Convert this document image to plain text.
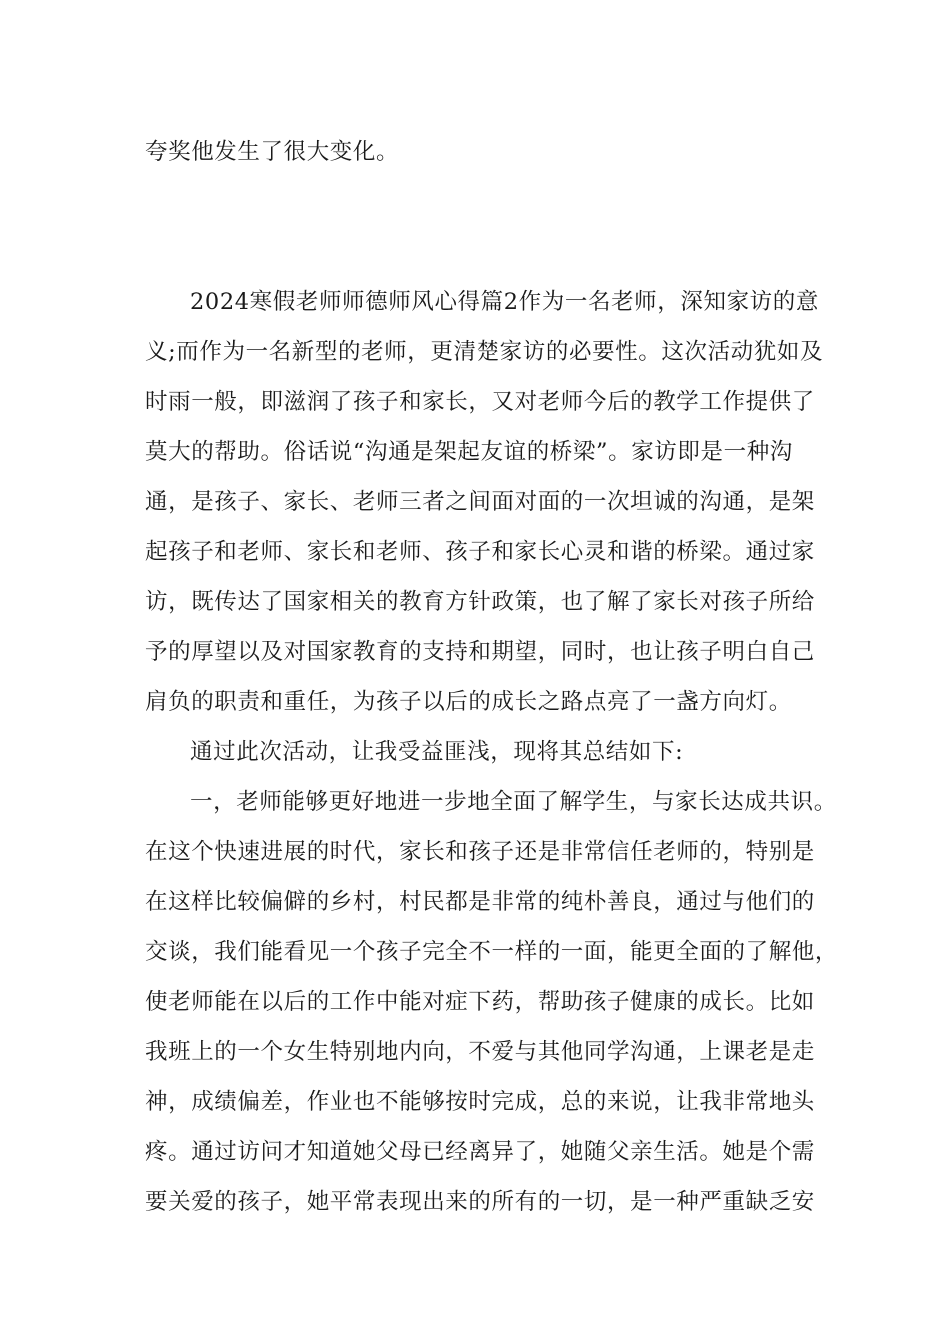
夸奖他发生了很大变化。
2024寒假老师师德师风心得篇2作为一名老师，深知家访的意
义;而作为一名新型的老师，更清楚家访的必要性。这次活动犹如及
时雨一般，即滋润了孩子和家长，又对老师今后的教学工作提供了
莫大的帮助。俗话说“沟通是架起友谊的桥梁”。家访即是一种沟
通，是孩子、家长、老师三者之间面对面的一次坦诚的沟通，是架
起孩子和老师、家长和老师、孩子和家长心灵和谐的桥梁。通过家
访，既传达了国家相关的教育方针政策，也了解了家长对孩子所给
予的厚望以及对国家教育的支持和期望，同时，也让孩子明白自己
肩负的职责和重任，为孩子以后的成长之路点亮了一盏方向灯。
通过此次活动，让我受益匪浅，现将其总结如下:
一，老师能够更好地进一步地全面了解学生，与家长达成共识。
在这个快速进展的时代，家长和孩子还是非常信任老师的，特别是
在这样比较偏僻的乡村，村民都是非常的纯朴善良，通过与他们的
交谈，我们能看见一个孩子完全不一样的一面，能更全面的了解他，
使老师能在以后的工作中能对症下药，帮助孩子健康的成长。比如
我班上的一个女生特别地内向，不爱与其他同学沟通，上课老是走
神，成绩偏差，作业也不能够按时完成，总的来说，让我非常地头
疼。通过访问才知道她父母已经离异了，她随父亲生活。她是个需
要关爱的孩子，她平常表现出来的所有的一切，是一种严重缺乏安
